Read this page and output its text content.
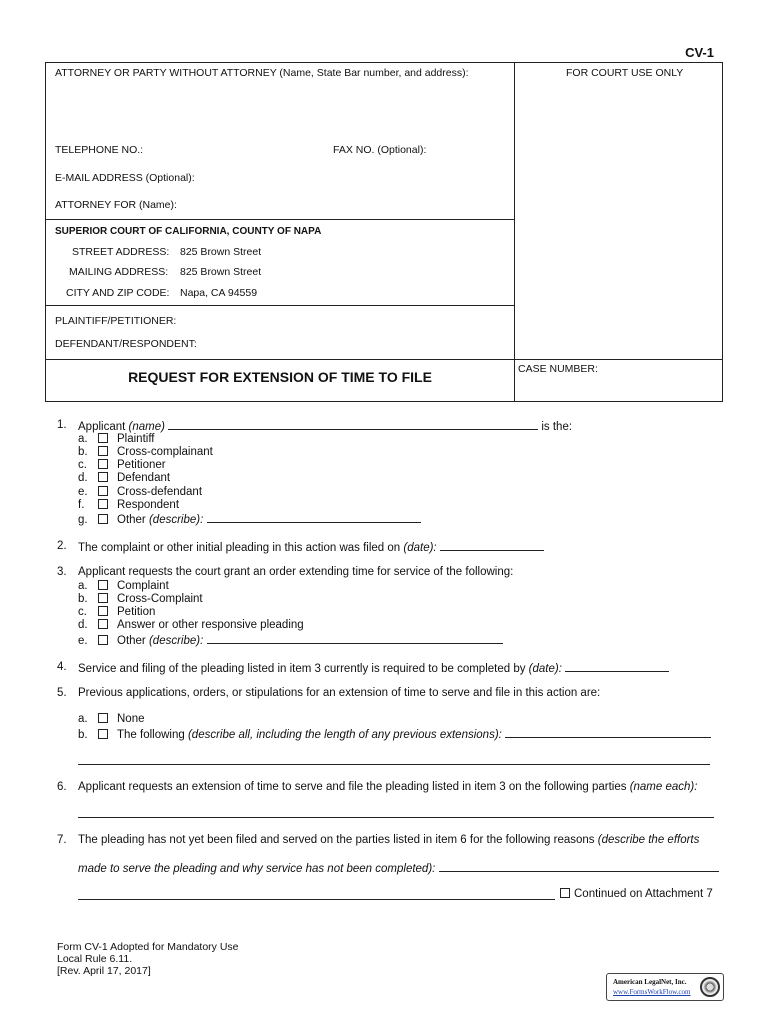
CV-1
ATTORNEY OR PARTY WITHOUT ATTORNEY (Name, State Bar number, and address):	FOR COURT USE ONLY
TELEPHONE NO.:	FAX NO. (Optional):
E-MAIL ADDRESS (Optional):
ATTORNEY FOR (Name):
SUPERIOR COURT OF CALIFORNIA, COUNTY OF NAPA
STREET ADDRESS: 825 Brown Street
MAILING ADDRESS: 825 Brown Street
CITY AND ZIP CODE: Napa, CA 94559
PLAINTIFF/PETITIONER:
DEFENDANT/RESPONDENT:
CASE NUMBER:
REQUEST FOR EXTENSION OF TIME TO FILE
1. Applicant (name)	is the:
a.	Plaintiff
b.	Cross-complainant
c.	Petitioner
d.	Defendant
e.	Cross-defendant
f.	Respondent
g.	Other (describe):
2. The complaint or other initial pleading in this action was filed on (date):
3. Applicant requests the court grant an order extending time for service of the following:
a.	Complaint
b.	Cross-Complaint
c.	Petition
d.	Answer or other responsive pleading
e.	Other (describe):
4. Service and filing of the pleading listed in item 3 currently is required to be completed by (date):
5. Previous applications, orders, or stipulations for an extension of time to serve and file in this action are:
a.	None
b.	The following (describe all, including the length of any previous extensions):
6. Applicant requests an extension of time to serve and file the pleading listed in item 3 on the following parties (name each):
7. The pleading has not yet been filed and served on the parties listed in item 6 for the following reasons (describe the efforts
made to serve the pleading and why service has not been completed):
Continued on Attachment 7
Form CV-1 Adopted for Mandatory Use
Local Rule 6.11.
[Rev. April 17, 2017]
American LegalNet, Inc.
www.FormsWorkFlow.com
